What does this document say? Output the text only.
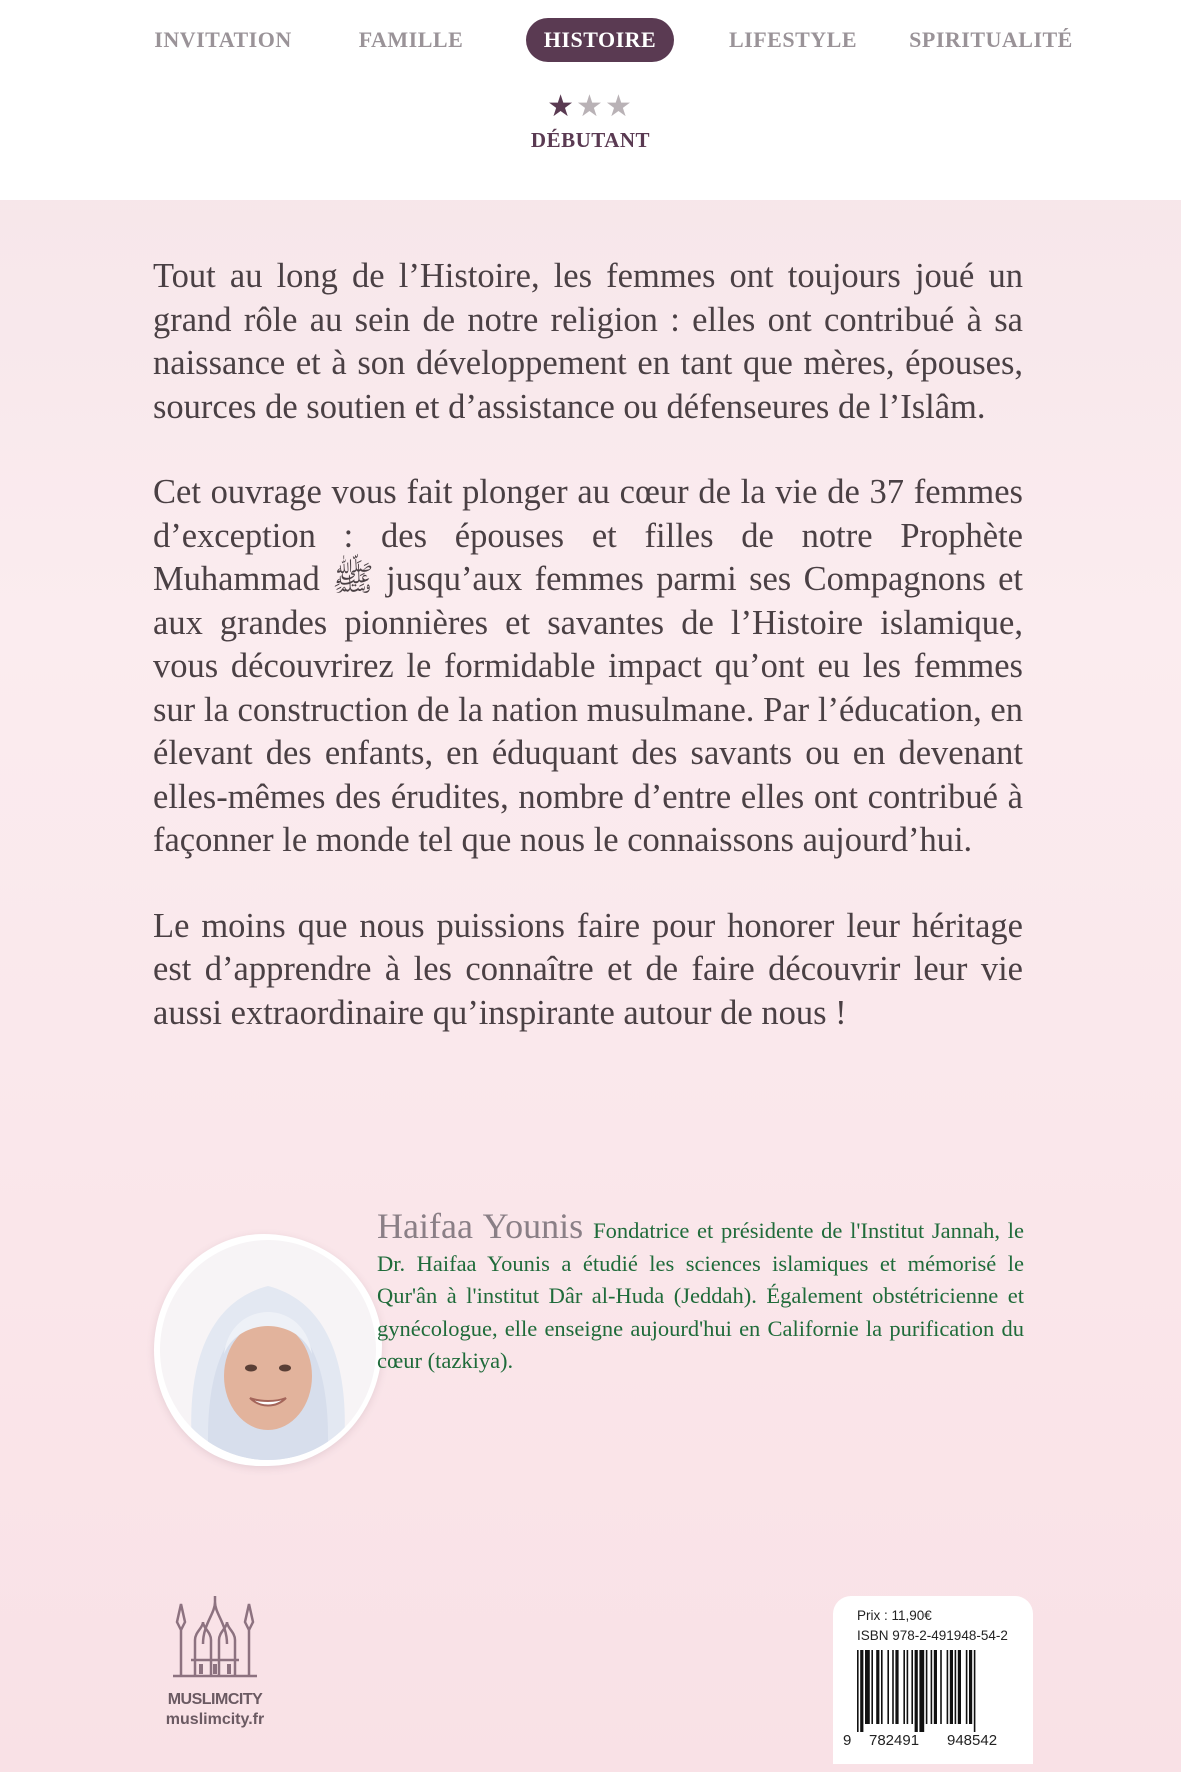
INVITATION	FAMILLE	HISTOIRE	LIFESTYLE SPIRITUALITÉ
★★★
DÉBUTANT

Tout au long de l’Histoire, les femmes ont toujours joué un grand rôle au sein de notre religion : elles ont contribué à sa naissance et à son développement en tant que mères, épouses, sources de soutien et d’assistance ou défenseures de l’Islâm.

Cet ouvrage vous fait plonger au cœur de la vie de 37 femmes d’exception : des épouses et filles de notre Prophète Muhammad ﷺ jusqu’aux femmes parmi ses Compagnons et aux grandes pionnières et savantes de l’Histoire islamique, vous découvrirez le formidable impact qu’ont eu les femmes sur la construction de la nation musulmane. Par l’éducation, en élevant des enfants, en éduquant des savants ou en devenant elles-mêmes des érudites, nombre d’entre elles ont contribué à façonner le monde tel que nous le connaissons aujourd’hui.

Le moins que nous puissions faire pour honorer leur héritage est d’apprendre à les connaître et de faire découvrir leur vie aussi extraordinaire qu’inspirante autour de nous !

Haifaa Younis Fondatrice et présidente de l'Institut Jannah, le Dr. Haifaa Younis a étudié les sciences islamiques et mémorisé le Qur'ân à l'institut Dâr al-Huda (Jeddah). Également obstétricienne et gynécologue, elle enseigne aujourd'hui en Californie la purification du cœur (tazkiya).
MUSLIMCITY
muslimcity.fr
Prix : 11,90€
ISBN 978-2-491948-54-2
9 782491 948542
